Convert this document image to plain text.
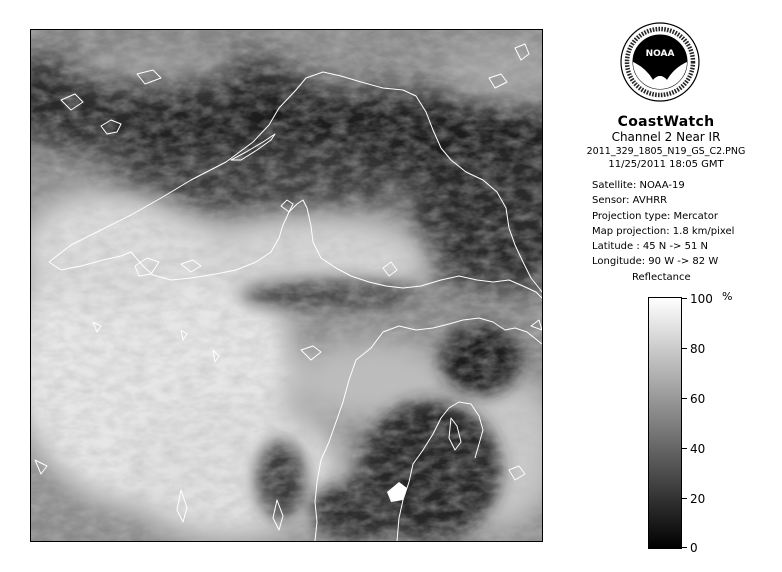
NOAA
CoastWatch
Channel 2 Near IR
2011_329_1805_N19_GS_C2.PNG
11/25/2011 18:05 GMT
Satellite: NOAA-19
Sensor: AVHRR
Projection type: Mercator
Map projection: 1.8 km/pixel
Latitude : 45 N -> 51 N
Longitude: 90 W -> 82 W
Reflectance
%
100
80
60
40
20
0
